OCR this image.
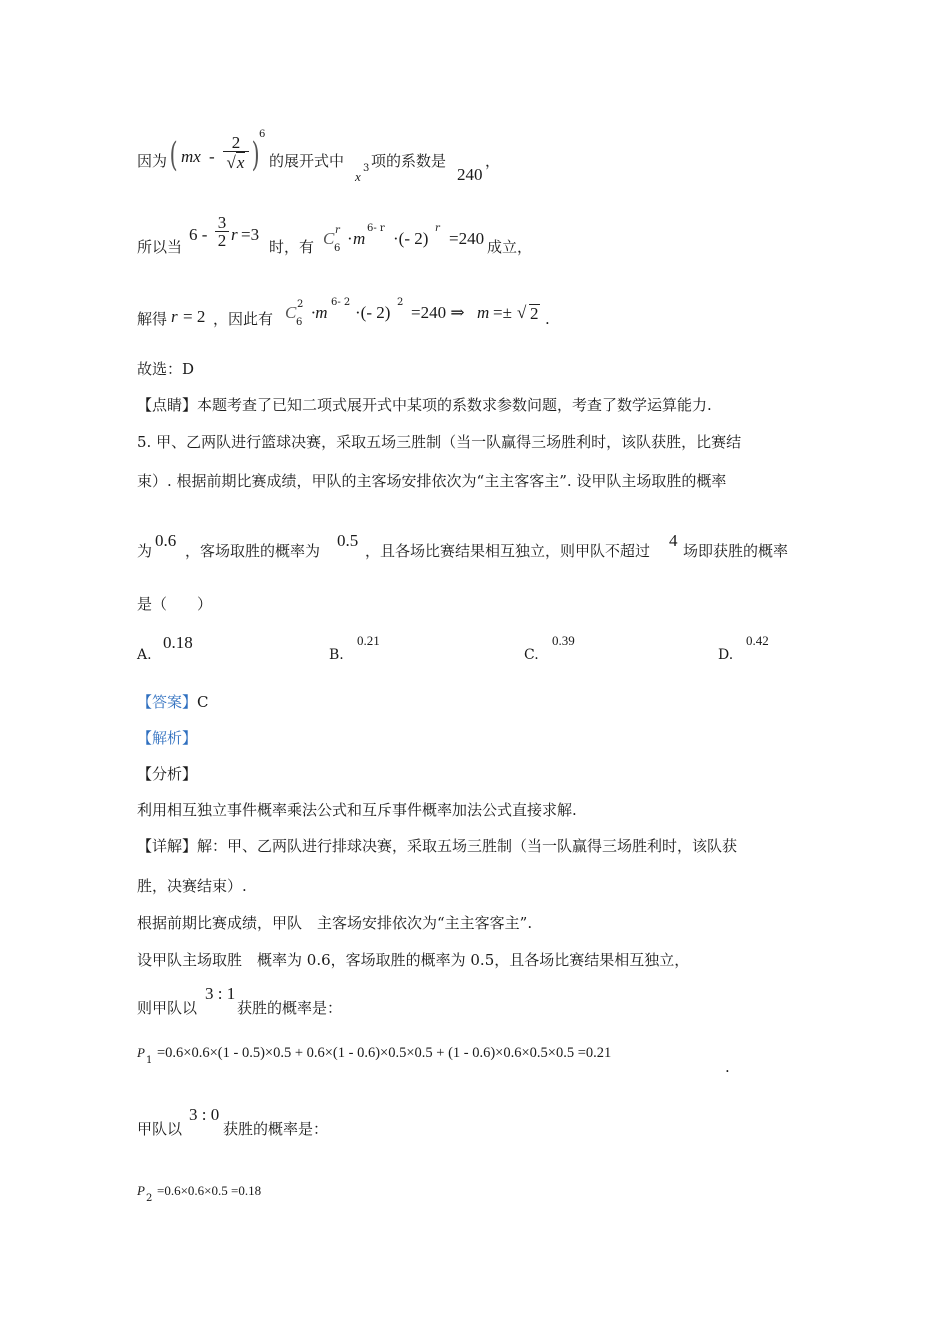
因为 ( mx - $\frac{2}{√x}$ )
6
的展开式中
x
3 项的系数是
240
，
所以当
$6 - \frac{3}{2}$ r =3
时，有 C
6
r · m
6- r
·(- 2)
r
=240 成立，
解得 r = 2 ，因此有 C
6
2 ·m
6- 2
·(- 2)
2
=240 ⇒ m =± √ 2 .
故选：D
【点睛】本题考查了已知二项式展开式中某项的系数求参数问题，考查了数学运算能力.
5. 甲、乙两队进行篮球决赛，采取五场三胜制（当一队赢得三场胜利时，该队获胜，比赛结
束）. 根据前期比赛成绩，甲队的主客场安排依次为“主主客客主”. 设甲队主场取胜的概率
为
0.6
，客场取胜的概率为
0.5
，且各场比赛结果相互独立，则甲队不超过
4
场即获胜的概率
是（　　）
A.
0.18
B.
0.21
C.
0.39
D.
0.42
【答案】C
【解析】
【分析】
利用相互独立事件概率乘法公式和互斥事件概率加法公式直接求解.
【详解】解：甲、乙两队进行排球决赛，采取五场三胜制（当一队赢得三场胜利时，该队获
胜，决赛结束）.
根据前期比赛成绩，甲队　主客场安排依次为“主主客客主”.
设甲队主场取胜　概率为 0.6，客场取胜的概率为 0.5，且各场比赛结果相互独立，
则甲队以
3 : 1
获胜的概率是：
P
1 =0.6×0.6×(1 - 0.5)×0.5 + 0.6×(1 - 0.6)×0.5×0.5 + (1 - 0.6)×0.6×0.5×0.5 =0.21
.
甲队以
3 : 0
获胜的概率是：
P
2
=0.6×0.6×0.5 =0.18
